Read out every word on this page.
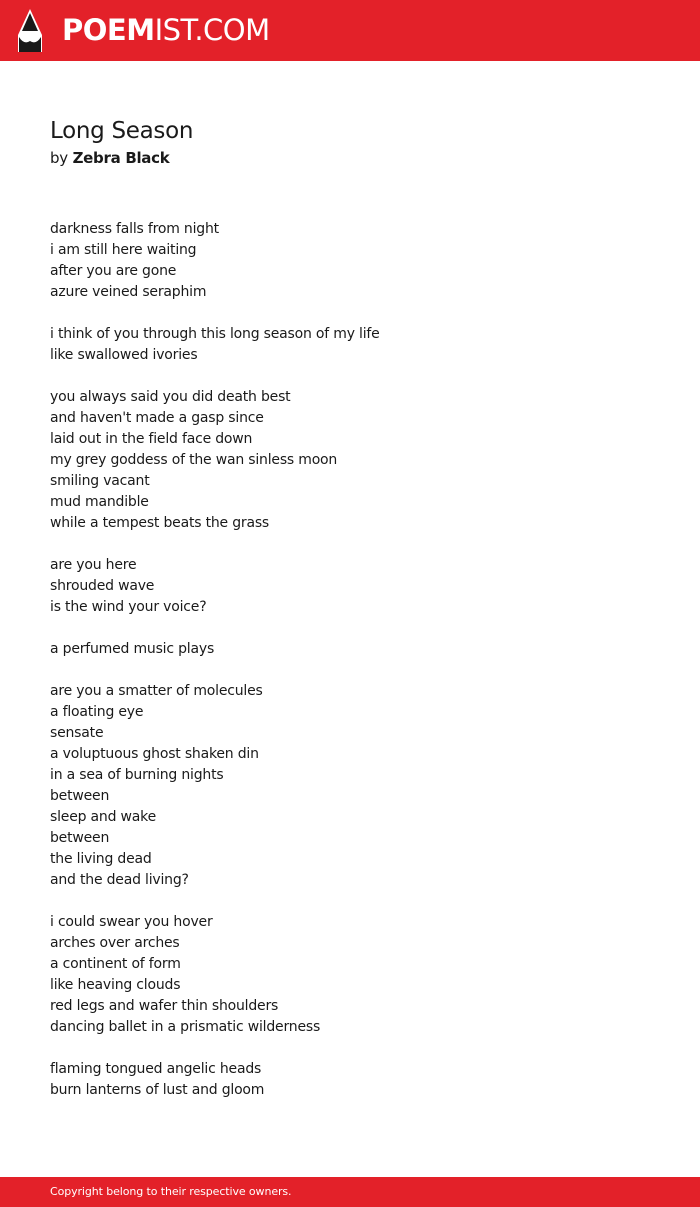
POEMIST.COM
Long Season
by Zebra Black
darkness falls from night
i am still here waiting
after you are gone
azure veined seraphim
i think of you through this long season of my life
like swallowed ivories
you always said you did death best
and haven't made a gasp since
laid out in the field face down
my grey goddess of the wan sinless moon
smiling vacant
mud mandible
while a tempest beats the grass
are you here
shrouded wave
is the wind your voice?
a perfumed music plays
are you a smatter of molecules
a floating eye
sensate
a voluptuous ghost shaken din
in a sea of burning nights
between
sleep and wake
between
the living dead
and the dead living?
i could swear you hover
arches over arches
a continent of form
like heaving clouds
red legs and wafer thin shoulders
dancing ballet in a prismatic wilderness
flaming tongued angelic heads
burn lanterns of lust and gloom
Copyright belong to their respective owners.
